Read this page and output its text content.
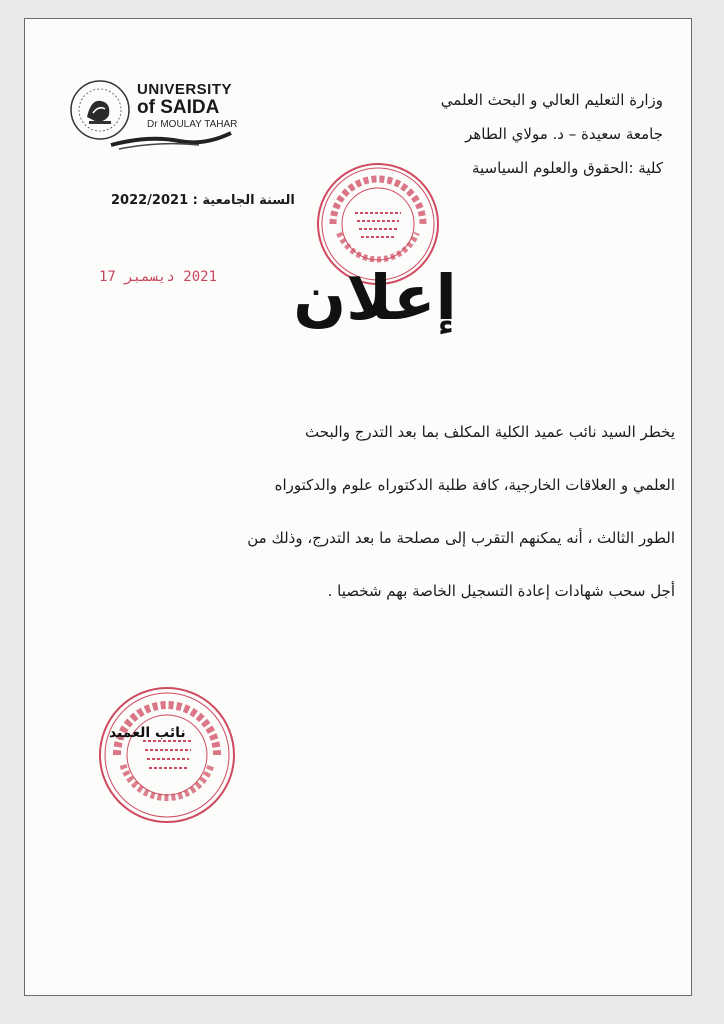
UNIVERSITY
of SAIDA
Dr MOULAY TAHAR
وزارة التعليم العالي و البحث العلمي
جامعة سعيدة – د. مولاي الطاهر
كلية :الحقوق والعلوم السياسية
السنة الجامعية : 2022/2021
2021 ديسمبر 17	إعلان

يخطر السيد نائب عميد الكلية المكلف بما بعد التدرج والبحث

العلمي و العلاقات الخارجية، كافة طلبة الدكتوراه علوم والدكتوراه

الطور الثالث ، أنه يمكنهم التقرب إلى مصلحة ما بعد التدرج، وذلك من

أجل سحب شهادات إعادة التسجيل الخاصة بهم شخصيا .

نائب العميد
